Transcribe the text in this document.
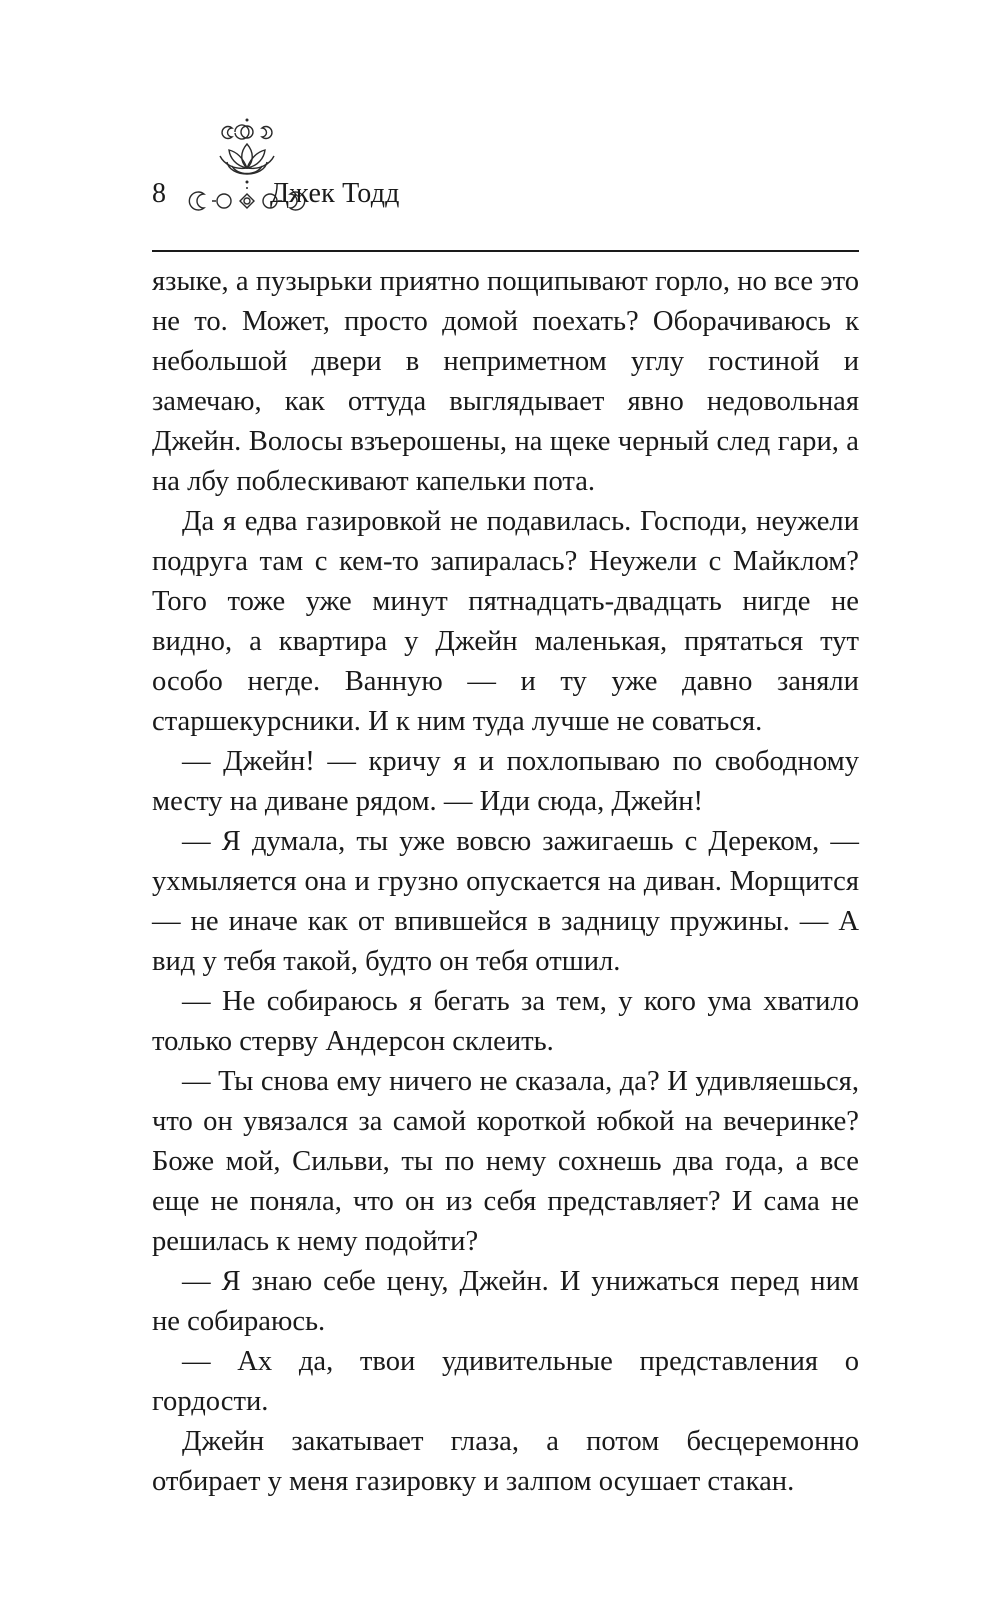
8	Джек Тодд

языке, а пузырьки приятно пощипывают горло, но все это не то. Может, просто домой поехать? Оборачиваюсь к небольшой двери в неприметном углу гостиной и замечаю, как оттуда выглядывает явно недовольная Джейн. Волосы взъерошены, на щеке черный след гари, а на лбу поблескивают капельки пота.

Да я едва газировкой не подавилась. Господи, неужели подруга там с кем-то запиралась? Неужели с Майклом? Того тоже уже минут пятнадцать-двадцать нигде не видно, а квартира у Джейн маленькая, прятаться тут особо негде. Ванную — и ту уже давно заняли старшекурсники. И к ним туда лучше не соваться.

— Джейн! — кричу я и похлопываю по свободному месту на диване рядом. — Иди сюда, Джейн!

— Я думала, ты уже вовсю зажигаешь с Дереком, — ухмыляется она и грузно опускается на диван. Морщится — не иначе как от впившейся в задницу пружины. — А вид у тебя такой, будто он тебя отшил.

— Не собираюсь я бегать за тем, у кого ума хватило только стерву Андерсон склеить.

— Ты снова ему ничего не сказала, да? И удивляешься, что он увязался за самой короткой юбкой на вечеринке? Боже мой, Сильви, ты по нему сохнешь два года, а все еще не поняла, что он из себя представляет? И сама не решилась к нему подойти?

— Я знаю себе цену, Джейн. И унижаться перед ним не собираюсь.

— Ах да, твои удивительные представления о гордости.

Джейн закатывает глаза, а потом бесцеремонно отбирает у меня газировку и залпом осушает стакан.
